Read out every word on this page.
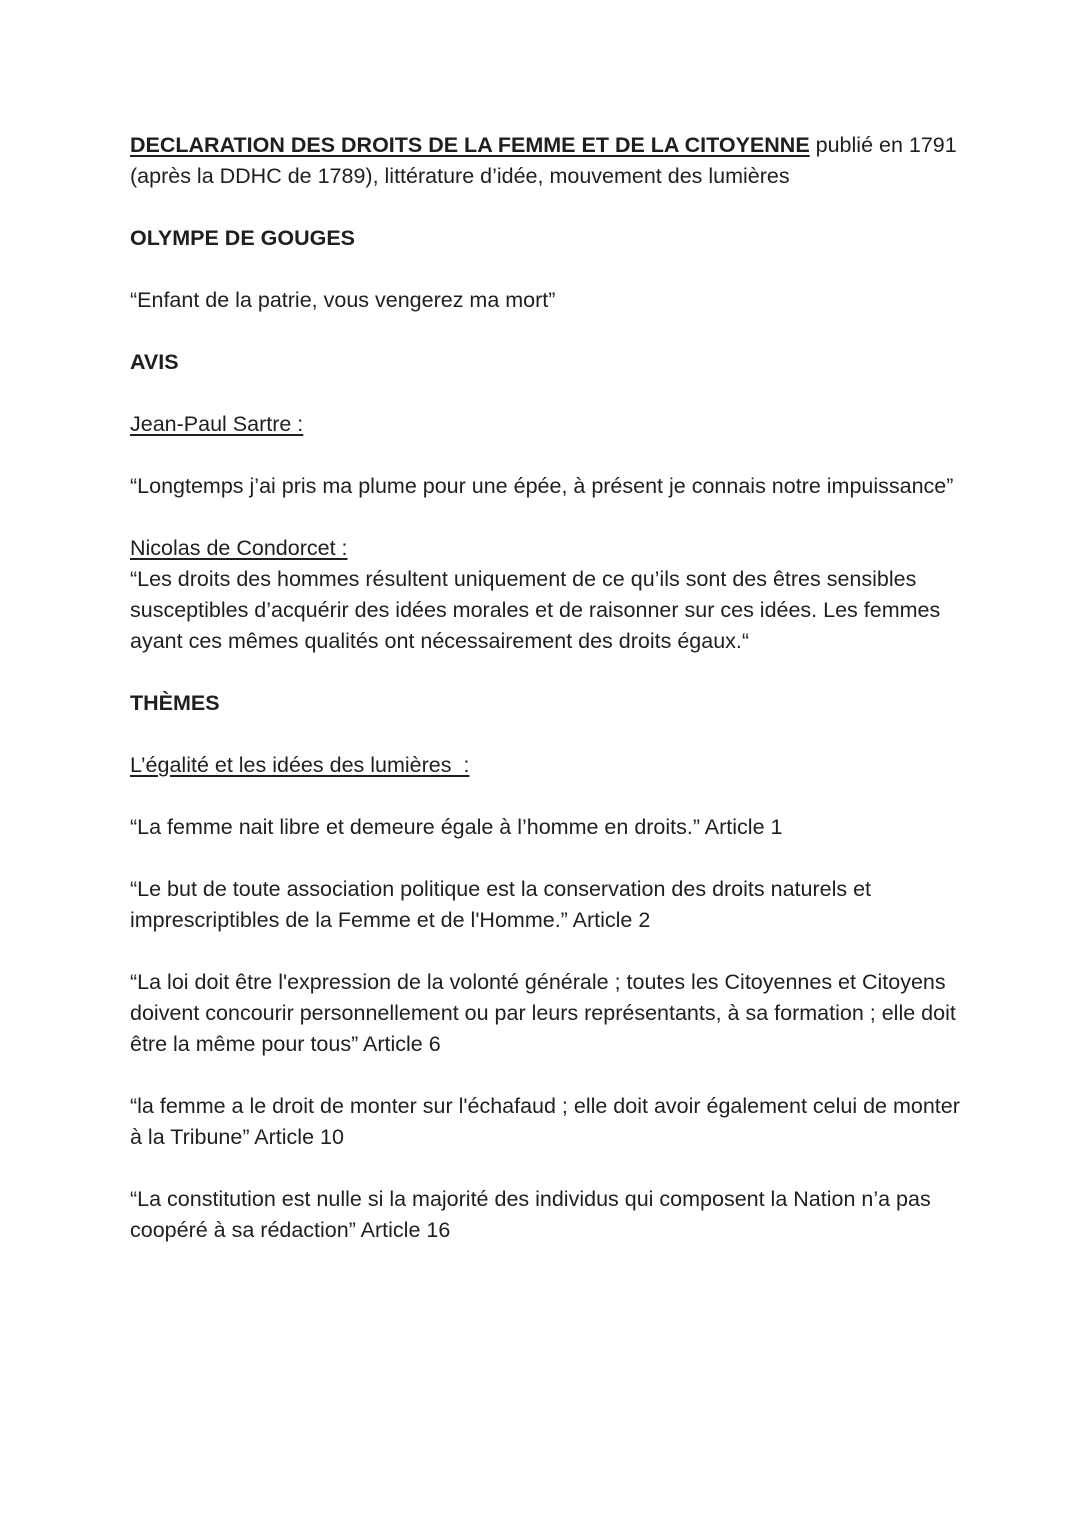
DECLARATION DES DROITS DE LA FEMME ET DE LA CITOYENNE publié en 1791 (après la DDHC de 1789), littérature d’idée, mouvement des lumières

OLYMPE DE GOUGES

“Enfant de la patrie, vous vengerez ma mort”

AVIS

Jean-Paul Sartre :

“Longtemps j’ai pris ma plume pour une épée, à présent je connais notre impuissance”

Nicolas de Condorcet :

“Les droits des hommes résultent uniquement de ce qu’ils sont des êtres sensibles susceptibles d’acquérir des idées morales et de raisonner sur ces idées. Les femmes ayant ces mêmes qualités ont nécessairement des droits égaux.“

THÈMES

L’égalité et les idées des lumières  :

“La femme nait libre et demeure égale à l’homme en droits.” Article 1

“Le but de toute association politique est la conservation des droits naturels et imprescriptibles de la Femme et de l'Homme.” Article 2

“La loi doit être l'expression de la volonté générale ; toutes les Citoyennes et Citoyens doivent concourir personnellement ou par leurs représentants, à sa formation ; elle doit être la même pour tous” Article 6

“la femme a le droit de monter sur l'échafaud ; elle doit avoir également celui de monter à la Tribune” Article 10

“La constitution est nulle si la majorité des individus qui composent la Nation n’a pas coopéré à sa rédaction” Article 16
